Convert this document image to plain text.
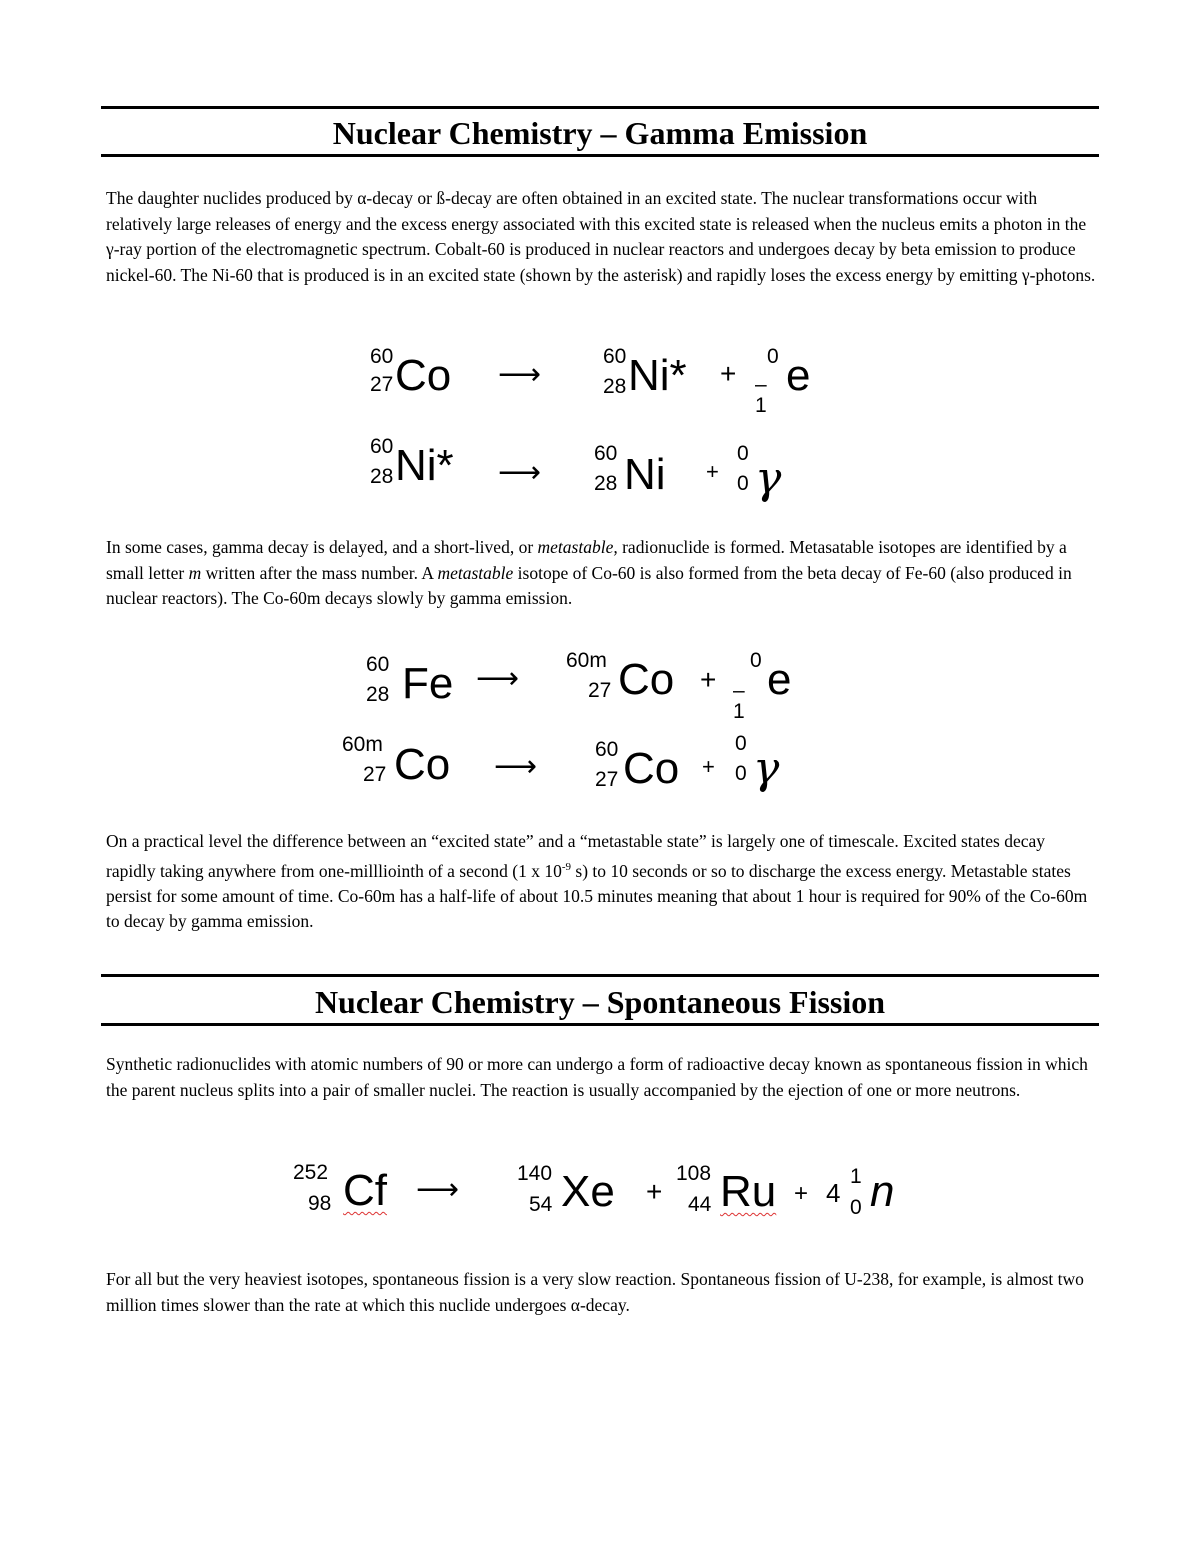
Nuclear Chemistry – Gamma Emission

The daughter nuclides produced by α-decay or ß-decay are often obtained in an excited state. The nuclear transformations occur with relatively large releases of energy and the excess energy associated with this excited state is released when the nucleus emits a photon in the γ-ray portion of the electromagnetic spectrum. Cobalt-60 is produced in nuclear reactors and undergoes decay by beta emission to produce nickel-60. The Ni-60 that is produced is in an excited state (shown by the asterisk) and rapidly loses the excess energy by emitting γ-photons.

60
27 Co ⟶
60
28 Ni* +
0
–1
e
60
28 Ni* ⟶
60
28 Ni +
0
0 γ

In some cases, gamma decay is delayed, and a short-lived, or metastable, radionuclide is formed. Metasatable isotopes are identified by a small letter m written after the mass number. A metastable isotope of Co-60 is also formed from the beta decay of Fe-60 (also produced in nuclear reactors). The Co-60m decays slowly by gamma emission.

60
28 Fe ⟶
60m
27 Co +
0
–1
e
60m
27 Co ⟶	60
27 Co +
0
0 γ

On a practical level the difference between an “excited state” and a “metastable state” is largely one of timescale. Excited states decay rapidly taking anywhere from one-millliointh of a second (1 x $10^{-9}$ s) to 10 seconds or so to discharge the excess energy. Metastable states persist for some amount of time. Co-60m has a half-life of about 10.5 minutes meaning that about 1 hour is required for 90% of the Co-60m to decay by gamma emission.

Nuclear Chemistry – Spontaneous Fission

Synthetic radionuclides with atomic numbers of 90 or more can undergo a form of radioactive decay known as spontaneous fission in which the parent nucleus splits into a pair of smaller nuclei. The reaction is usually accompanied by the ejection of one or more neutrons.

252
98 Cf ⟶	140
54 Xe +
108
44 Ru + 4
1
0 n

For all but the very heaviest isotopes, spontaneous fission is a very slow reaction. Spontaneous fission of U-238, for example, is almost two million times slower than the rate at which this nuclide undergoes α-decay.
